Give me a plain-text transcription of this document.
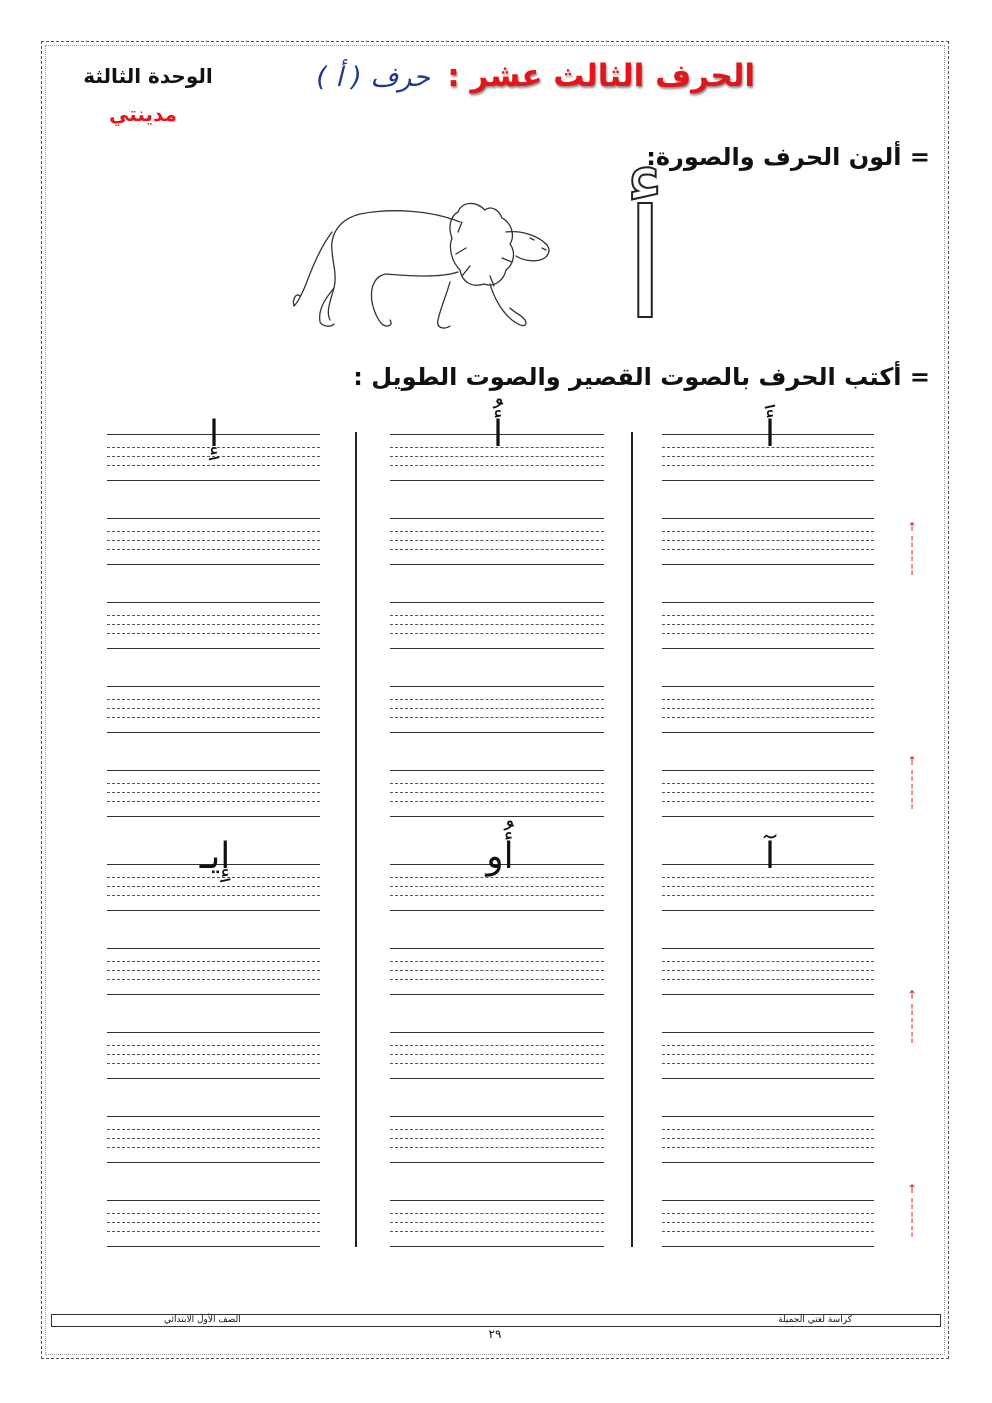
الحرف الثالث عشر :
حرف ( أ )
الوحدة الثالثة
مدينتي
= ألون الحرف والصورة:
أ
= أكتب الحرف بالصوت القصير والصوت الطويل :
أَ
أُ
إِ
آ
أُو
إِيـ
↑
¦
¦
¦
↑
¦
¦
¦
↑
¦
¦
¦
↑
¦
¦
¦
الصف الأول الابتدائي	كراسة لغتي الجميلة
٢٩
